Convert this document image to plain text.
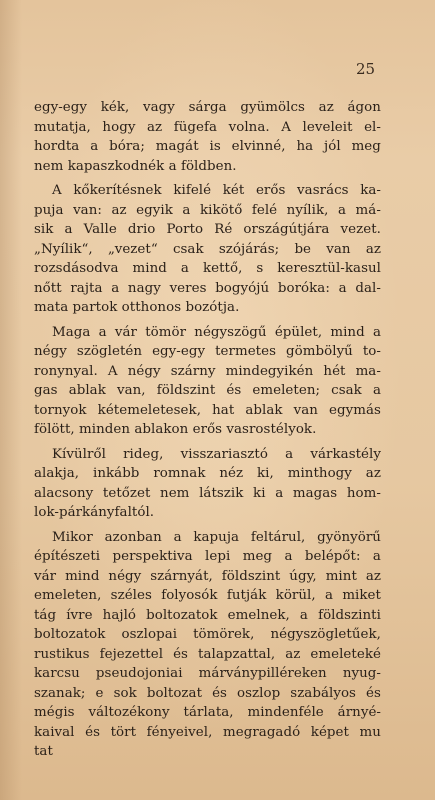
25
egy-egy kék, vagy sárga gyümölcs az ágon
mutatja, hogy az fügefa volna. A leveleit el-
hordta a bóra; magát is elvinné, ha jól meg
nem kapaszkodnék a földben.
A kőkerítésnek kifelé két erős vasrács ka-
puja van: az egyik a kikötő felé nyílik, a má-
sik a Valle drio Porto Ré országútjára vezet.
„Nyílik“, „vezet“ csak szójárás; be van az
rozsdásodva mind a kettő, s keresztül-kasul
nőtt rajta a nagy veres bogyójú boróka: a dal-
mata partok otthonos bozótja.
Maga a vár tömör négyszögű épület, mind a
négy szögletén egy-egy termetes gömbölyű to-
ronynyal. A négy szárny mindegyikén hét ma-
gas ablak van, földszint és emeleten; csak a
tornyok kétemeletesek, hat ablak van egymás
fölött, minden ablakon erős vasrostélyok.
Kívülről rideg, visszariasztó a várkastély
alakja, inkább romnak néz ki, minthogy az
alacsony tetőzet nem látszik ki a magas hom-
lok-párkányfaltól.
Mikor azonban a kapuja feltárul, gyönyörű
építészeti perspektiva lepi meg a belépőt: a
vár mind négy szárnyát, földszint úgy, mint az
emeleten, széles folyosók futják körül, a miket
tág ívre hajló boltozatok emelnek, a földszinti
boltozatok oszlopai tömörek, négyszögletűek,
rustikus fejezettel és talapzattal, az emeleteké
karcsu pseudojoniai márványpilléreken nyug-
szanak; e sok boltozat és oszlop szabályos és
mégis változékony tárlata, mindenféle árnyé-
kaival és tört fényeivel, megragadó képet mu
tat
